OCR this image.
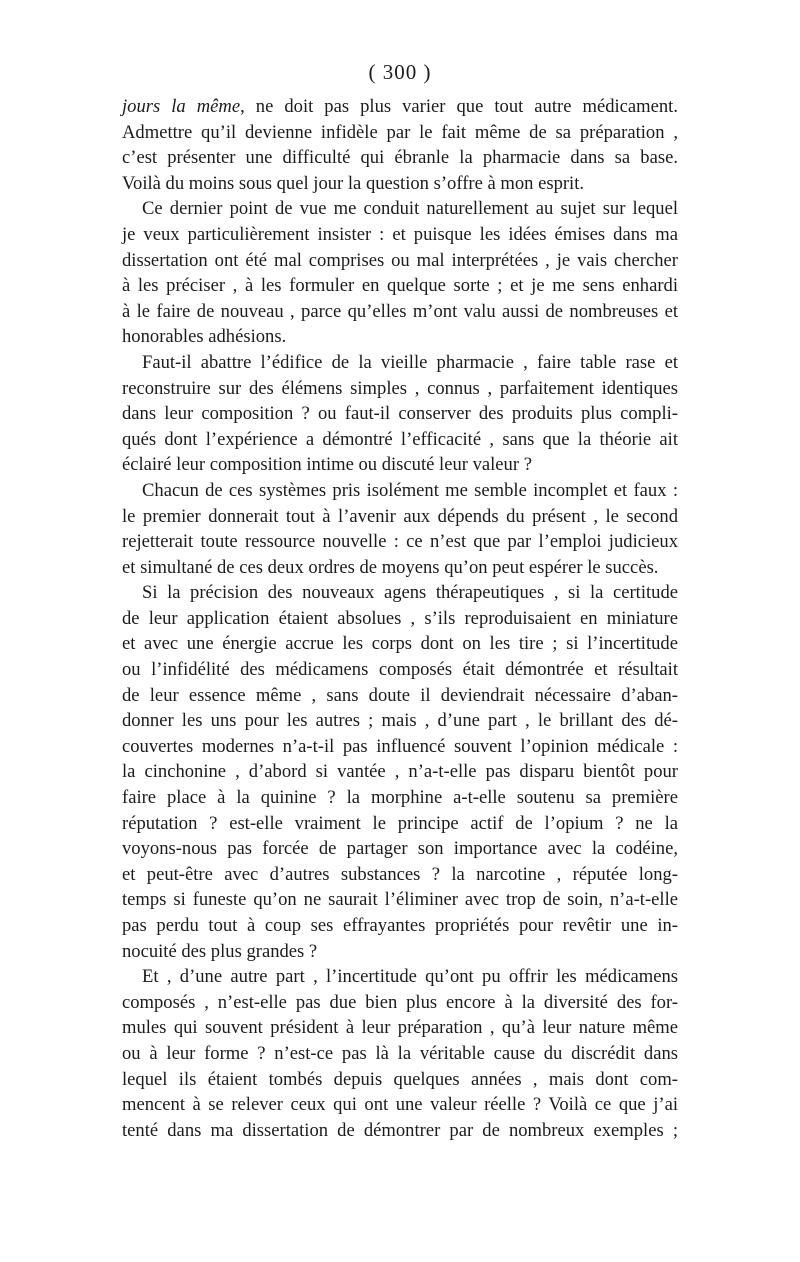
( 300 )
jours la même, ne doit pas plus varier que tout autre médicament.
Admettre qu’il devienne infidèle par le fait même de sa préparation ,
c’est présenter une difficulté qui ébranle la pharmacie dans sa base.
Voilà du moins sous quel jour la question s’offre à mon esprit.
Ce dernier point de vue me conduit naturellement au sujet sur lequel
je veux particulièrement insister : et puisque les idées émises dans ma
dissertation ont été mal comprises ou mal interprétées , je vais chercher
à les préciser , à les formuler en quelque sorte ; et je me sens enhardi
à le faire de nouveau , parce qu’elles m’ont valu aussi de nombreuses et
honorables adhésions.
Faut-il abattre l’édifice de la vieille pharmacie , faire table rase et
reconstruire sur des élémens simples , connus , parfaitement identiques
dans leur composition ? ou faut-il conserver des produits plus compli-
qués dont l’expérience a démontré l’efficacité , sans que la théorie ait
éclairé leur composition intime ou discuté leur valeur ?
Chacun de ces systèmes pris isolément me semble incomplet et faux :
le premier donnerait tout à l’avenir aux dépends du présent , le second
rejetterait toute ressource nouvelle : ce n’est que par l’emploi judicieux
et simultané de ces deux ordres de moyens qu’on peut espérer le succès.
Si la précision des nouveaux agens thérapeutiques , si la certitude
de leur application étaient absolues , s’ils reproduisaient en miniature
et avec une énergie accrue les corps dont on les tire ; si l’incertitude
ou l’infidélité des médicamens composés était démontrée et résultait
de leur essence même , sans doute il deviendrait nécessaire d’aban-
donner les uns pour les autres ; mais , d’une part , le brillant des dé-
couvertes modernes n’a-t-il pas influencé souvent l’opinion médicale :
la cinchonine , d’abord si vantée , n’a-t-elle pas disparu bientôt pour
faire place à la quinine ? la morphine a-t-elle soutenu sa première
réputation ? est-elle vraiment le principe actif de l’opium ? ne la
voyons-nous pas forcée de partager son importance avec la codéine,
et peut-être avec d’autres substances ? la narcotine , réputée long-
temps si funeste qu’on ne saurait l’éliminer avec trop de soin, n’a-t-elle
pas perdu tout à coup ses effrayantes propriétés pour revêtir une in-
nocuité des plus grandes ?
Et , d’une autre part , l’incertitude qu’ont pu offrir les médicamens
composés , n’est-elle pas due bien plus encore à la diversité des for-
mules qui souvent président à leur préparation , qu’à leur nature même
ou à leur forme ? n’est-ce pas là la véritable cause du discrédit dans
lequel ils étaient tombés depuis quelques années , mais dont com-
mencent à se relever ceux qui ont une valeur réelle ? Voilà ce que j’ai
tenté dans ma dissertation de démontrer par de nombreux exemples ;
